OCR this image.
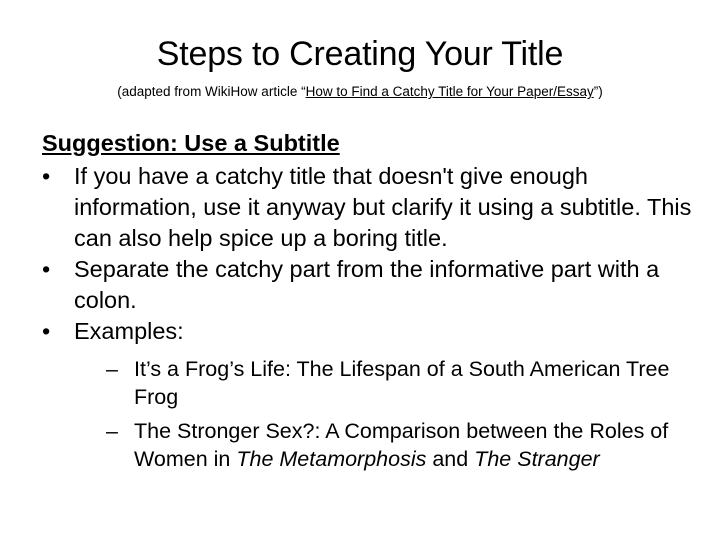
Steps to Creating Your Title
(adapted from WikiHow article “How to Find a Catchy Title for Your Paper/Essay”)
Suggestion: Use a Subtitle
•	If you have a catchy title that doesn't give enough information, use it anyway but clarify it using a subtitle. This can also help spice up a boring title.
•	Separate the catchy part from the informative part with a colon.
•	Examples:
– It’s a Frog’s Life: The Lifespan of a South American Tree Frog
– The Stronger Sex?: A Comparison between the Roles of Women in The Metamorphosis and The Stranger
